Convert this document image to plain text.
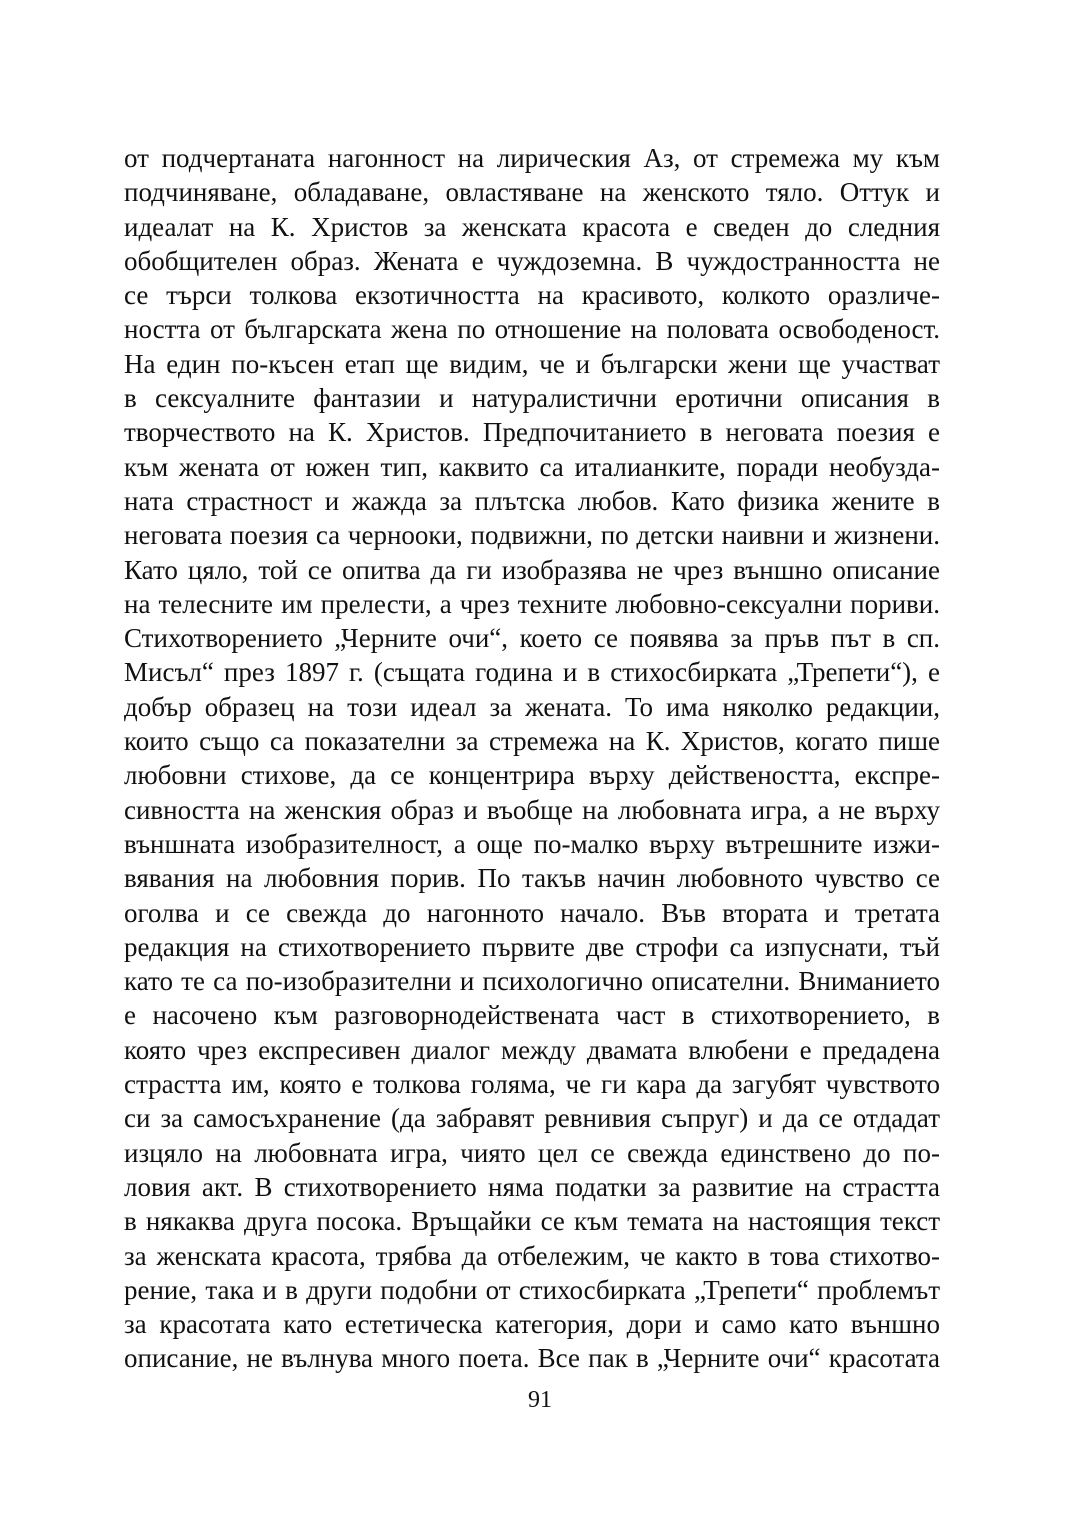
от подчертаната нагонност на лирическия Аз, от стремежа му към
подчиняване, обладаване, овластяване на женското тяло. Оттук и
идеалат на К. Христов за женската красота е сведен до следния
обобщителен образ. Жената е чуждоземна. В чуждостранността не
се търси толкова екзотичността на красивото, колкото оразличе-
ността от българската жена по отношение на половата освободеност.
На един по-късен етап ще видим, че и български жени ще участват
в сексуалните фантазии и натуралистични еротични описания в
творчеството на К. Христов. Предпочитанието в неговата поезия е
към жената от южен тип, каквито са италианките, поради необузда-
ната страстност и жажда за плътска любов. Като физика жените в
неговата поезия са черноoки, подвижни, по детски наивни и жизнени.
Като цяло, той се опитва да ги изобразява не чрез външно описание
на телесните им прелести, а чрез техните любовно-сексуални пориви.
Стихотворението „Черните очи“, което се появява за пръв път в сп.
Мисъл“ през 1897 г. (същата година и в стихосбирката „Трепети“), е
добър образец на този идеал за жената. То има няколко редакции,
които също са показателни за стремежа на К. Христов, когато пише
любовни стихове, да се концентрира върху действеността, експре-
сивността на женския образ и въобще на любовната игра, а не върху
външната изобразителност, а още по-малко върху вътрешните изжи-
вявания на любовния порив. По такъв начин любовното чувство се
оголва и се свежда до нагонното начало. Във втората и третата
редакция на стихотворението първите две строфи са изпуснати, тъй
като те са по-изобразителни и психологично описателни. Вниманието
е насочено към разговорнодействената част в стихотворението, в
която чрез експресивен диалог между двамата влюбени е предадена
страстта им, която е толкова голяма, че ги кара да загубят чувството
си за самосъхранение (да забравят ревнивия съпруг) и да се отдадат
изцяло на любовната игра, чиято цел се свежда единствено до по-
ловия акт. В стихотворението няма податки за развитие на страстта
в някаква друга посока. Връщайки се към темата на настоящия текст
за женската красота, трябва да отбележим, че както в това стихотво-
рение, така и в други подобни от стихосбирката „Трепети“ проблемът
за красотата като естетическа категория, дори и само като външно
описание, не вълнува много поета. Все пак в „Черните очи“ красотата
91
